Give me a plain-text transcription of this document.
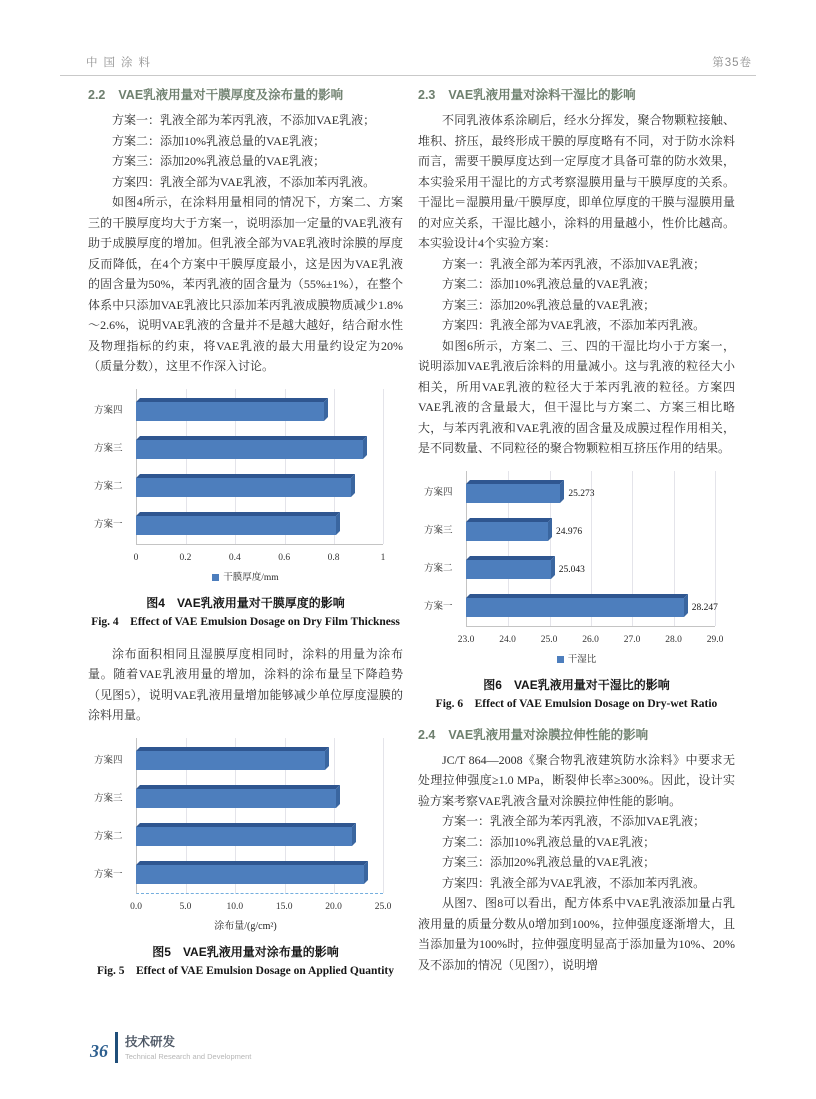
中国涂料	第35卷
2.2 VAE乳液用量对干膜厚度及涂布量的影响

方案一：乳液全部为苯丙乳液，不添加VAE乳液；

方案二：添加10%乳液总量的VAE乳液；

方案三：添加20%乳液总量的VAE乳液；

方案四：乳液全部为VAE乳液，不添加苯丙乳液。

如图4所示，在涂料用量相同的情况下，方案二、方案三的干膜厚度均大于方案一，说明添加一定量的VAE乳液有助于成膜厚度的增加。但乳液全部为VAE乳液时涂膜的厚度反而降低，在4个方案中干膜厚度最小，这是因为VAE乳液的固含量为50%，苯丙乳液的固含量为（55%±1%），在整个体系中只添加VAE乳液比只添加苯丙乳液成膜物质减少1.8%～2.6%，说明VAE乳液的含量并不是越大越好，结合耐水性及物理指标的约束，将VAE乳液的最大用量约设定为20%（质量分数），这里不作深入讨论。

方案四
方案三
方案二
方案一
0	0.2	0.4	0.6	0.8	1
干膜厚度/mm
图4　VAE乳液用量对干膜厚度的影响
Fig. 4　Effect of VAE Emulsion Dosage on Dry Film Thickness

涂布面积相同且湿膜厚度相同时，涂料的用量为涂布量。随着VAE乳液用量的增加，涂料的涂布量呈下降趋势（见图5），说明VAE乳液用量增加能够减少单位厚度湿膜的涂料用量。

方案四
方案三
方案二
方案一
0.0	5.0	10.0	15.0	20.0	25.0
涂布量/(g/cm²)
图5　VAE乳液用量对涂布量的影响
Fig. 5　Effect of VAE Emulsion Dosage on Applied Quantity
2.3 VAE乳液用量对涂料干湿比的影响

不同乳液体系涂刷后，经水分挥发，聚合物颗粒接触、堆积、挤压，最终形成干膜的厚度略有不同，对于防水涂料而言，需要干膜厚度达到一定厚度才具备可靠的防水效果，本实验采用干湿比的方式考察湿膜用量与干膜厚度的关系。干湿比＝湿膜用量/干膜厚度，即单位厚度的干膜与湿膜用量的对应关系，干湿比越小，涂料的用量越小，性价比越高。本实验设计4个实验方案：

方案一：乳液全部为苯丙乳液，不添加VAE乳液；

方案二：添加10%乳液总量的VAE乳液；

方案三：添加20%乳液总量的VAE乳液；

方案四：乳液全部为VAE乳液，不添加苯丙乳液。

如图6所示，方案二、三、四的干湿比均小于方案一，说明添加VAE乳液后涂料的用量减小。这与乳液的粒径大小相关，所用VAE乳液的粒径大于苯丙乳液的粒径。方案四VAE乳液的含量最大，但干湿比与方案二、方案三相比略大，与苯丙乳液和VAE乳液的固含量及成膜过程作用相关，是不同数量、不同粒径的聚合物颗粒相互挤压作用的结果。

方案四	25.273
方案三	24.976
方案二	25.043
方案一	28.247
23.0	24.0	25.0	26.0	27.0	28.0	29.0
干湿比
图6　VAE乳液用量对干湿比的影响
Fig. 6　Effect of VAE Emulsion Dosage on Dry-wet Ratio
2.4 VAE乳液用量对涂膜拉伸性能的影响

JC/T 864—2008《聚合物乳液建筑防水涂料》中要求无处理拉伸强度≥1.0 MPa，断裂伸长率≥300%。因此，设计实验方案考察VAE乳液含量对涂膜拉伸性能的影响。

方案一：乳液全部为苯丙乳液，不添加VAE乳液；

方案二：添加10%乳液总量的VAE乳液；

方案三：添加20%乳液总量的VAE乳液；

方案四：乳液全部为VAE乳液，不添加苯丙乳液。

从图7、图8可以看出，配方体系中VAE乳液添加量占乳液用量的质量分数从0增加到100%，拉伸强度逐渐增大，且当添加量为100%时，拉伸强度明显高于添加量为10%、20%及不添加的情况（见图7），说明增

36 技术研发
Technical Research and Development
